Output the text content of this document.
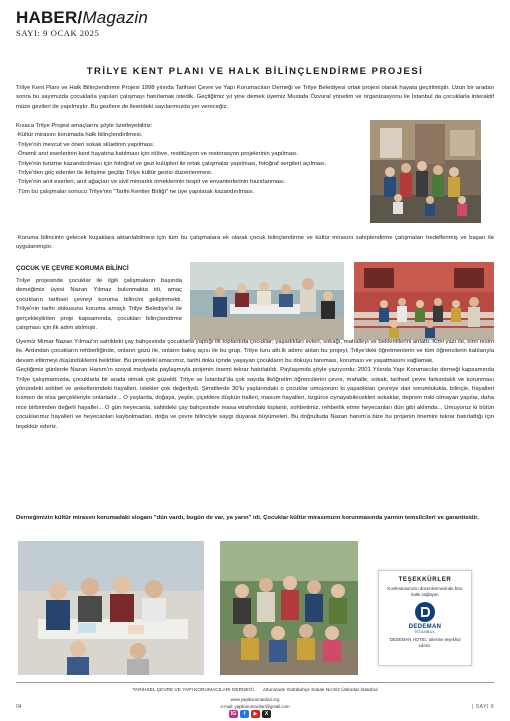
HABER/Magazin
SAYI: 9 OCAK 2025
TRİLYE KENT PLANI VE HALK BİLİNÇLENDİRME PROJESİ

Trilye Kent Planı ve Halk Bilinçlendirme Projesi 1998 yılında Tarihsel Çevre ve Yapı Korumacıları Derneği ve Trilye Belediyesi ortak projesi olarak hayata geçirilmiştir. Uzun bir aradan sonra bu sayımızda çocuklarla yapılan çalışmayı hatırlamak istedik. Geçtiğimiz yıl yine demek üyemiz Mustafa Özvural yönetim ve organizasyonu ile İstanbul da çocuklarla interaktif müze gezileri de yapılmıştır. Bu gezilere de ileerideki sayılarımızda yer vereceğiz.

Kısaca Trilye Projesi amaçlarını şöyle özetleyebiliriz:
·Kültür mirasını korumada halk bilinçlendirilmesi.
·Trilye'nin mevcut ve öneri sokak silüetinin yapılması.
·Önemli anıt eserlerinin kent hayatına katılması için rölöve, restitüsyon ve restorasyon projelerinin yapılması.
·Trilye'nin turizme kazandırılması için fotoğraf ve gezi kulüpleri ile ortak çalışmalar yapılması, fotoğraf sergileri açılması.
·Trilye'den göç edenler ile iletişime geçilip Trilye kültür gezisi düzenlenmesi.
·Trilye'nin anıt eserleri, anıt ağaçları ve sivil mimarlık örneklerinin tespit ve envanterlerinin hazırlanması.
·Tüm bu çalışmalar sonucu Trilye'nin "Tarihi Kentler Birliği" ne üye yapılarak kazandırılması.

·Koruma bilincinin gelecek kuşaklara aktarılabilmesi için tüm bu çalışmalara ek olarak çocuk bilinçlendirme ve kültür mirasını sahiplendirme çalışmaları hedeflenmiş ve başarı ile uygulanmıştır.

ÇOCUK VE ÇEVRE KORUMA BİLİNCİ

Trilye projesinde çocuklar ile ilgili çalışmaların başında demeğimiz üyesi Nazan Yılmaz bulunmakta idi, amaç çocukların tarihsel çevreyi koruma bilincini geliştirmekti. Trilye'nin tarihi dokusunu koruma amaçlı Trilye Belediye'si ile gerçekleştirilen proje kapsamında, çocukları bilinçlendirme çalışması için ilk adım atılmıştı.

Üyemiz Mimar Nazan Yılmaz'ın sahildeki çay bahçesinde çocuklarla yaptığı ilk toplantıda çocuklar; yaşadıkları evleri, sokağı, mahalleyi ve beklentilerini anlattı. Kimi yazı ile, kimi resim ile. Ardından çocukların rehberliğinde, onların gözü ile, onların bakış açısı ile bu grup, Trilye turu attı.lk adımı atılan bu projeyi, Trilye'deki öğretmenlerin ve tüm öğrencilerin katılarıyla devam ettirmeyi düşündüklerini belirttiler. Bu projedeki amacımız, tarihi doku içinde yaşayan çocukların bu dokuyu tanıması, koruması ve yaşatmasını sağlamak.

Geçtiğimiz günlerde Nazan Hanım'ın sosyal medyada paylaşmıyla projenin önemi tekrar hatırlatıldı. Paylaşımda şöyle yazıyordu; 2001 Yılında Yapı Korumacılar derneği kapsamında Trilye çalışmamızda, çocuklarla bir arada olmak çok güzeldi. Trilye ve İstanbul'da çok sayıda ilköğretim öğrencilerini çevre, mahalle, sokak, tarihsel çevre farkındalık ve korunması yönündeki sohbet ve anketlerimdeki hayalleri, istekler çok değerliydi. Şimdilerde 30'lu yaşlarındaki o çocuklar umuyorum ki yaşadıkları çevreye dair sorumlulukla, bilinçle, hayalleri kısmen de olsa gerçekleriyle onlarladır... O yaşlarda, doğaya, yeşile, çiçeklere düşkün halleri, masum hayalleri, özgürce oynayabilecekleri sokaklar, deprem riski olmayan yapılar, daha nice birbirinden değerli hayaller... O gün heyecanla, sahildeki çay bahçesinde masa etrafındaki toplantı, sohbetimiz, rehberlik etme heyecanları dün gibi aklımda... Umuyoruz ki bütün çocuklarımız hayalleri ve heyecanları kaybolmadan, doğa ve çevre bilinciyle saygı duyarak büyümeleri. Bu doğrultuda Nazan hanım'a bize bu projenin önemini tekrar hatırlattığı için teşekkür ederiz.

Derneğimizin kültür mirasını korumadaki sloganı "dün vardı, bugün de var, ya yarın" idi. Çocuklar kültür mirasımızın korunmasında yarının temsilcileri ve garantisidir.

TEŞEKKÜRLER
Konferansımızın düzenlenmesinde bize katkı sağlayan
DEDEMAN
İSTANBUL
'DEDEMAN HOTEL' ailesine teşekkür ederiz.
TARİHSEL ÇEVRE VE YAPI KORUMACILARI DERNEĞİ Altunizade Gülübahçe Sokak No:9/2 Üsküdar-İstanbul
www.yapikorumacilari.org
e-mail: yapikorumacilari@gmail.com
04	| SAYI 9
IG	f	▶	X
